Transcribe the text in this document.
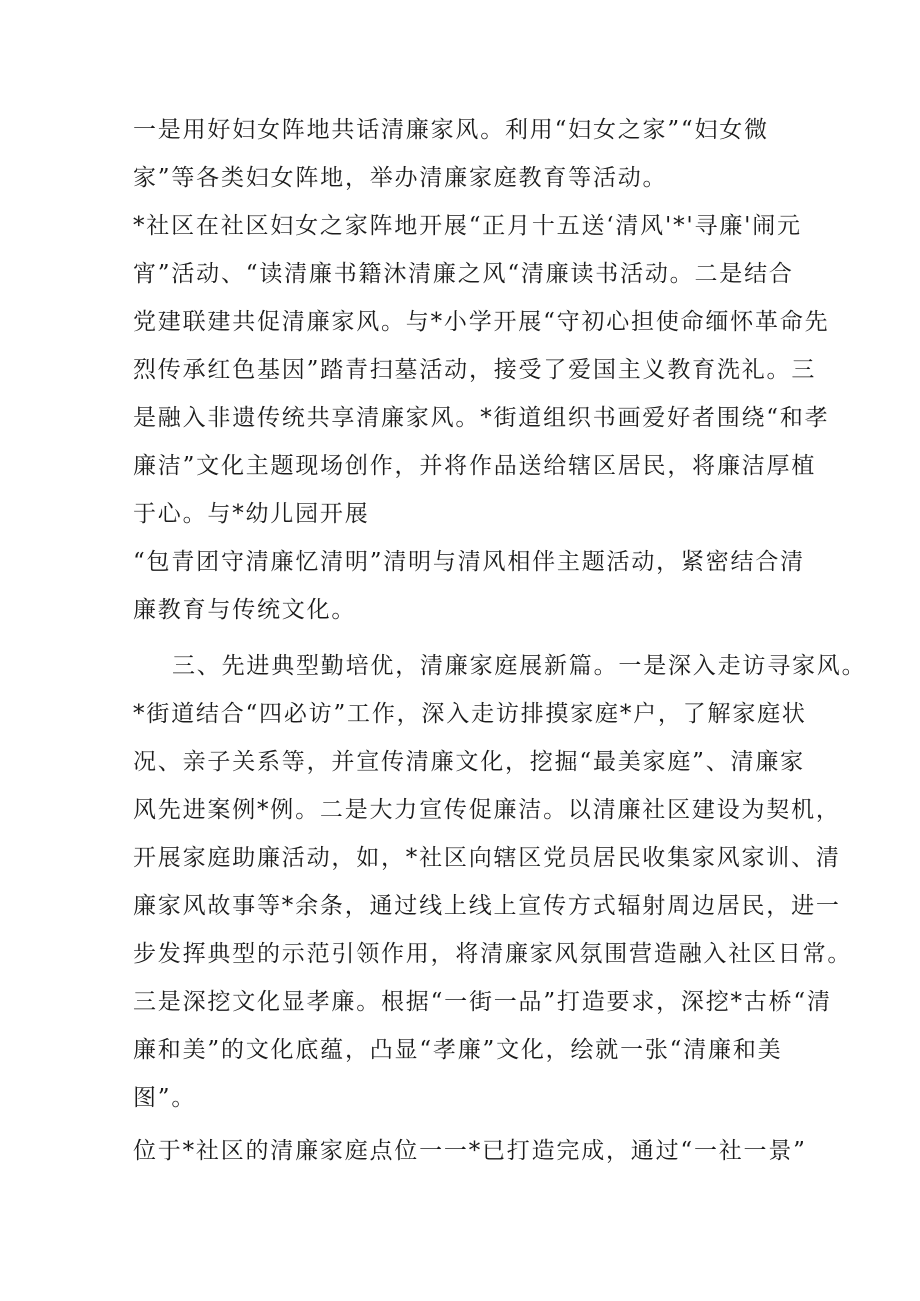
一是用好妇女阵地共话清廉家风。利用“妇女之家”“妇女微

家”等各类妇女阵地，举办清廉家庭教育等活动。

*社区在社区妇女之家阵地开展“正月十五送‘清风'*'寻廉'闹元

宵”活动、“读清廉书籍沐清廉之风“清廉读书活动。二是结合

党建联建共促清廉家风。与*小学开展“守初心担使命缅怀革命先

烈传承红色基因”踏青扫墓活动，接受了爱国主义教育洗礼。三

是融入非遗传统共享清廉家风。*街道组织书画爱好者围绕“和孝

廉洁”文化主题现场创作，并将作品送给辖区居民，将廉洁厚植

于心。与*幼儿园开展

“包青团守清廉忆清明”清明与清风相伴主题活动，紧密结合清

廉教育与传统文化。

三、先进典型勤培优，清廉家庭展新篇。一是深入走访寻家风。

*街道结合“四必访”工作，深入走访排摸家庭*户，了解家庭状

况、亲子关系等，并宣传清廉文化，挖掘“最美家庭”、清廉家

风先进案例*例。二是大力宣传促廉洁。以清廉社区建设为契机，

开展家庭助廉活动，如，*社区向辖区党员居民收集家风家训、清

廉家风故事等*余条，通过线上线上宣传方式辐射周边居民，进一

步发挥典型的示范引领作用，将清廉家风氛围营造融入社区日常。

三是深挖文化显孝廉。根据“一街一品”打造要求，深挖*古桥“清

廉和美”的文化底蕴，凸显“孝廉”文化，绘就一张“清廉和美

图”。

位于*社区的清廉家庭点位一一*已打造完成，通过“一社一景”
